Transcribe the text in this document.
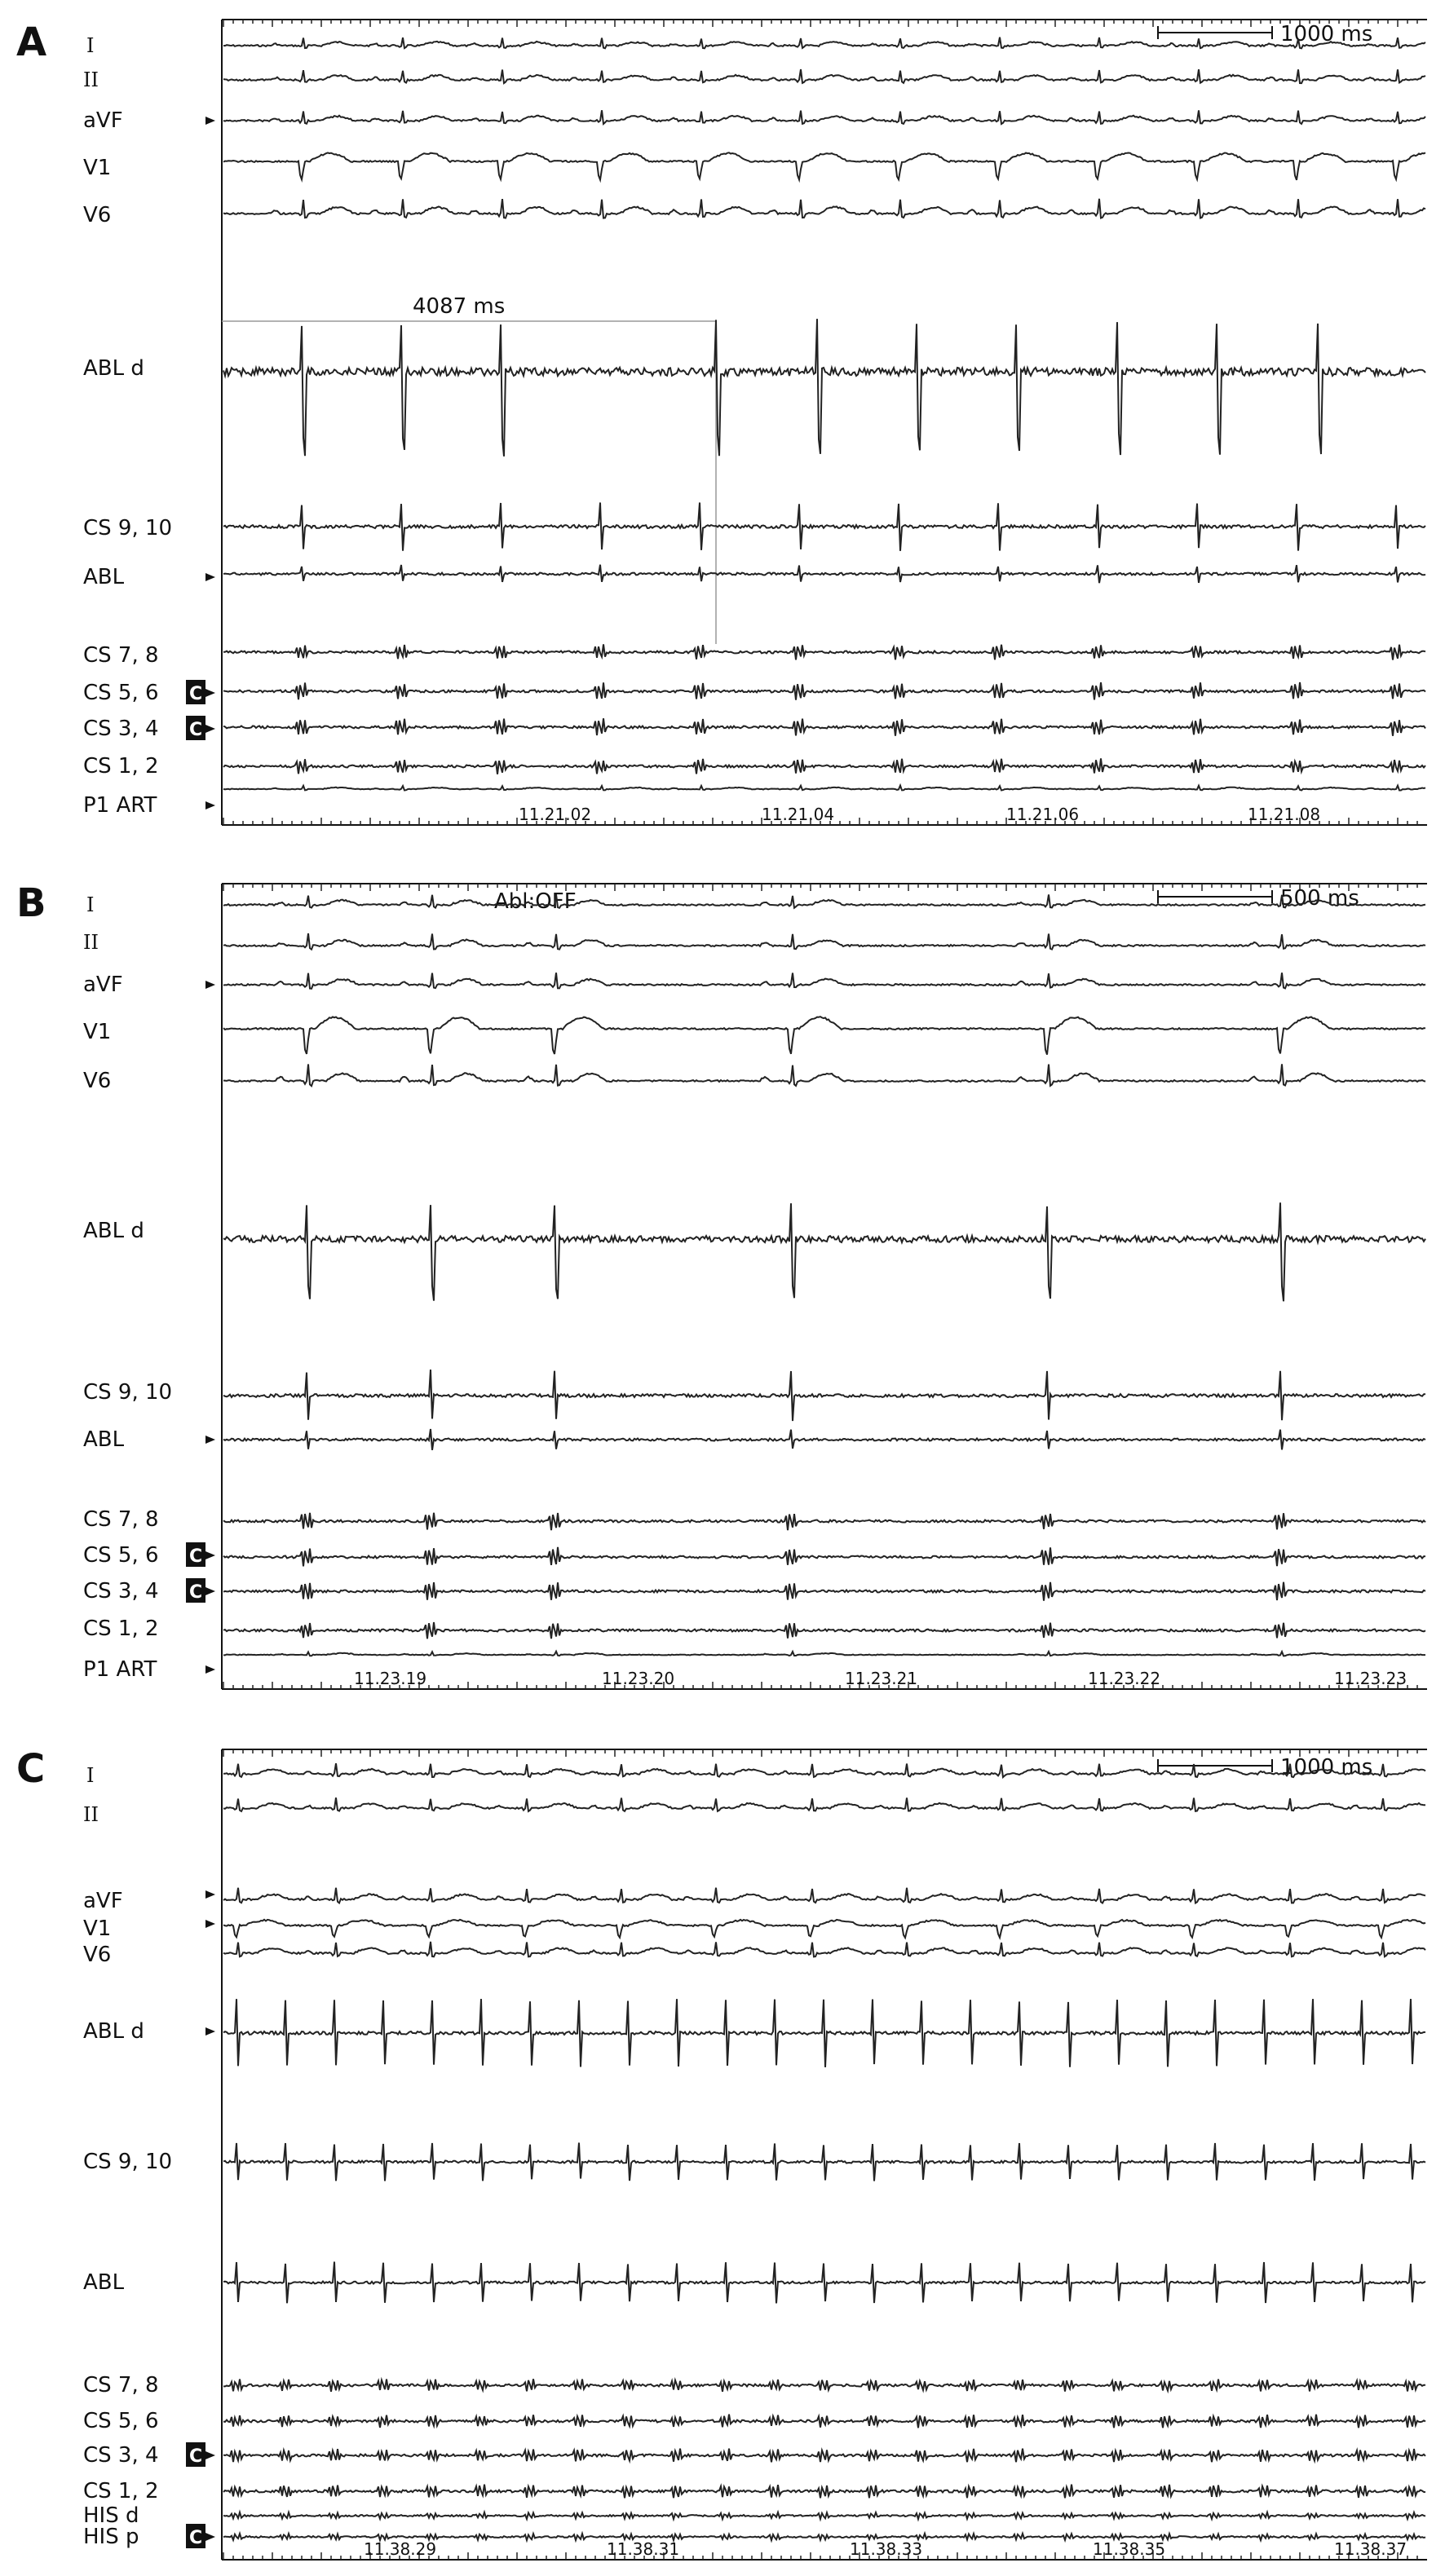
A I
II
aVF
V1
V6
ABL d
CS 9, 10
ABL
CS 7, 8
CS 5, 6
CS 3, 4
CS 1, 2
P1 ART
C
C
1000 ms
4087 ms
11.21.02	11.21.04	11.21.06	11.21.08
B I
II
aVF
V1
V6
ABL d
CS 9, 10
ABL
CS 7, 8
CS 5, 6
CS 3, 4
CS 1, 2
P1 ART
C
C
500 ms
Abl:OFF
11.23.19	11.23.20	11.23.21	11.23.22	11.23.23
C I
II
aVF
V1
V6
ABL d
CS 9, 10
ABL
CS 7, 8
CS 5, 6
CS 3, 4
CS 1, 2
HIS d
HIS p
C
C
1000 ms
11.38.29	11.38.31	11.38.33	11.38.35	11.38.37
